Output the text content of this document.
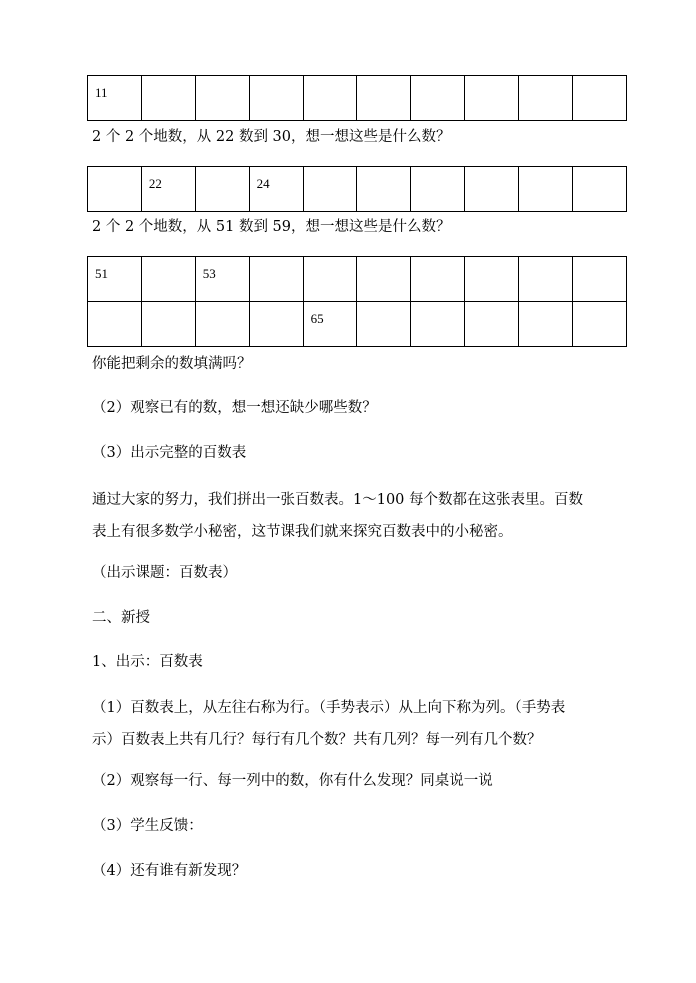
11									
2 个 2 个地数，从 22 数到 30，想一想这些是什么数？
	22		24						
2 个 2 个地数，从 51 数到 59，想一想这些是什么数？
51		53							
				65					
你能把剩余的数填满吗？
（2）观察已有的数，想一想还缺少哪些数？
（3）出示完整的百数表
通过大家的努力，我们拼出一张百数表。1～100 每个数都在这张表里。百数
表上有很多数学小秘密，这节课我们就来探究百数表中的小秘密。
（出示课题：百数表）
二、新授
1、出示：百数表
（1）百数表上，从左往右称为行。（手势表示）从上向下称为列。（手势表
示）百数表上共有几行？每行有几个数？共有几列？每一列有几个数？
（2）观察每一行、每一列中的数，你有什么发现？同桌说一说
（3）学生反馈：
（4）还有谁有新发现？
